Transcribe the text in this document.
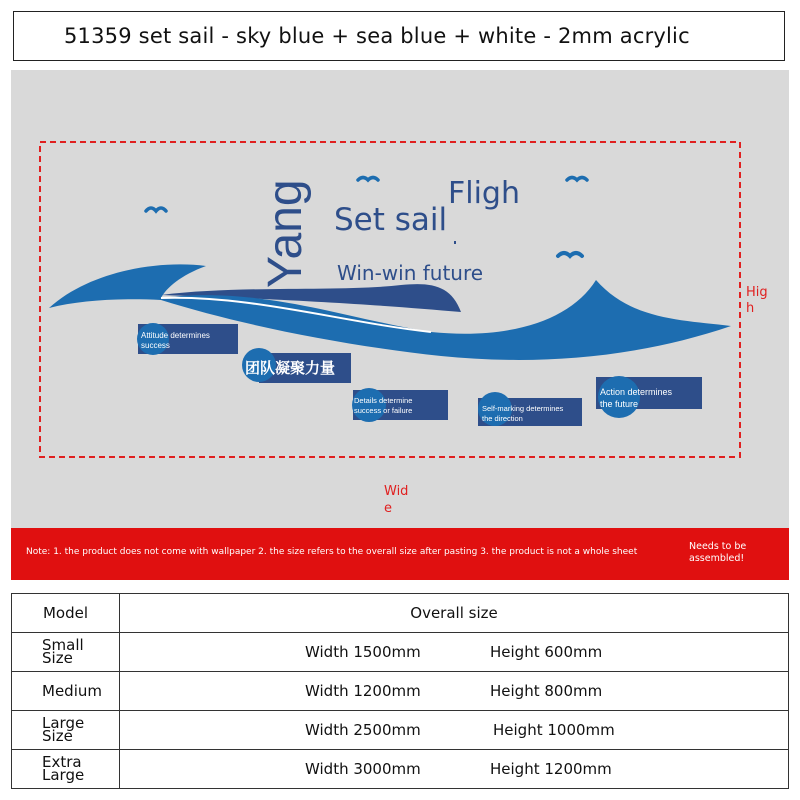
51359 set sail - sky blue + sea blue + white - 2mm acrylic
Yang Set sail
Fligh
Win-win future
Attitude determines success
团队凝聚力量
Details determine success or failure	Self-marking determines the direction
Action determines the future
Hig h
Wid e
Note: 1. the product does not come with wallpaper 2. the size refers to the overall size after pasting 3. the product is not a whole sheet	Needs to be assembled!
Model	Overall size
Small
Size	Width 1500mm Height 600mm

Medium	Width 1200mm Height 800mm

Large
Size	Width 2500mm Height 1000mm

Extra
Large	Width 3000mm Height 1200mm
